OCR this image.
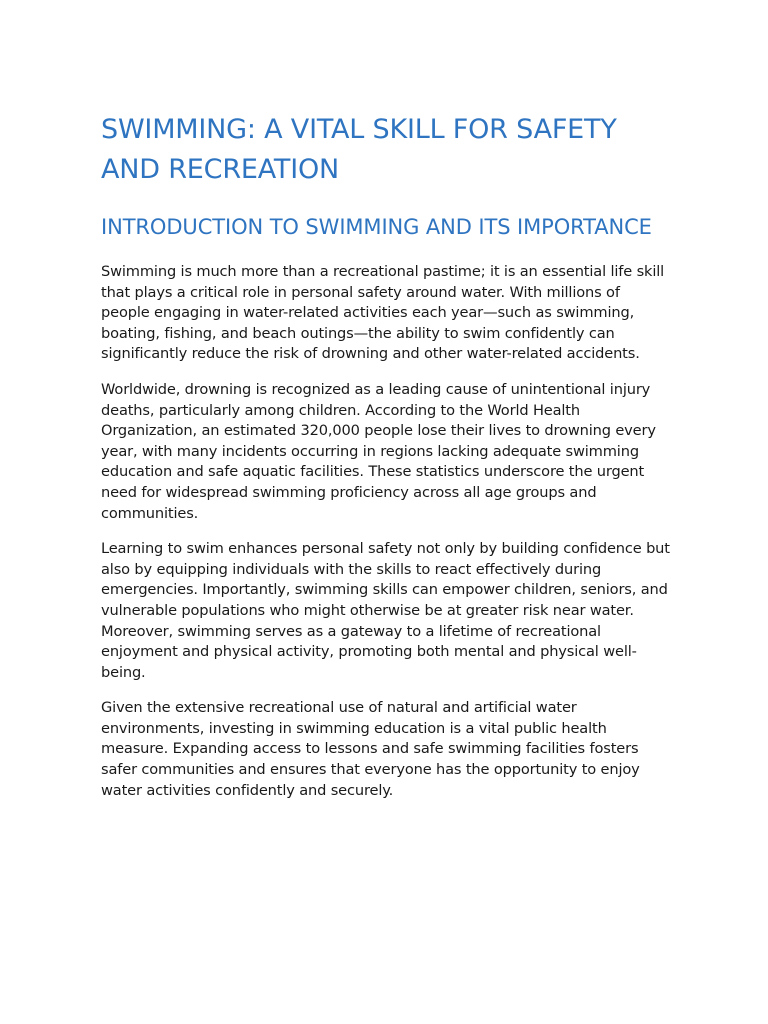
SWIMMING: A VITAL SKILL FOR SAFETY AND RECREATION
INTRODUCTION TO SWIMMING AND ITS IMPORTANCE

Swimming is much more than a recreational pastime; it is an essential life skill that plays a critical role in personal safety around water. With millions of people engaging in water-related activities each year—such as swimming, boating, fishing, and beach outings—the ability to swim confidently can significantly reduce the risk of drowning and other water-related accidents.

Worldwide, drowning is recognized as a leading cause of unintentional injury deaths, particularly among children. According to the World Health Organization, an estimated 320,000 people lose their lives to drowning every year, with many incidents occurring in regions lacking adequate swimming education and safe aquatic facilities. These statistics underscore the urgent need for widespread swimming proficiency across all age groups and communities.

Learning to swim enhances personal safety not only by building confidence but also by equipping individuals with the skills to react effectively during emergencies. Importantly, swimming skills can empower children, seniors, and vulnerable populations who might otherwise be at greater risk near water. Moreover, swimming serves as a gateway to a lifetime of recreational enjoyment and physical activity, promoting both mental and physical well-being.

Given the extensive recreational use of natural and artificial water environments, investing in swimming education is a vital public health measure. Expanding access to lessons and safe swimming facilities fosters safer communities and ensures that everyone has the opportunity to enjoy water activities confidently and securely.
